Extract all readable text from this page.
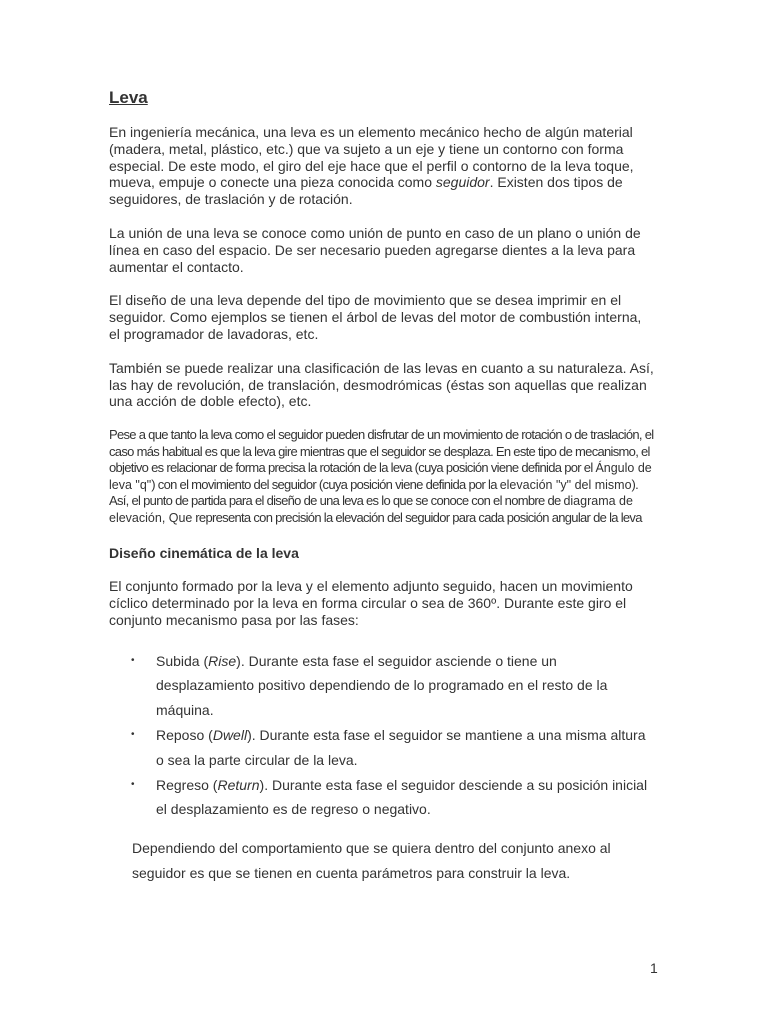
Leva

En ingeniería mecánica, una leva es un elemento mecánico hecho de algún material (madera, metal, plástico, etc.) que va sujeto a un eje y tiene un contorno con forma especial. De este modo, el giro del eje hace que el perfil o contorno de la leva toque, mueva, empuje o conecte una pieza conocida como seguidor. Existen dos tipos de seguidores, de traslación y de rotación.

La unión de una leva se conoce como unión de punto en caso de un plano o unión de línea en caso del espacio. De ser necesario pueden agregarse dientes a la leva para aumentar el contacto.

El diseño de una leva depende del tipo de movimiento que se desea imprimir en el seguidor. Como ejemplos se tienen el árbol de levas del motor de combustión interna, el programador de lavadoras, etc.

También se puede realizar una clasificación de las levas en cuanto a su naturaleza. Así, las hay de revolución, de translación, desmodrómicas (éstas son aquellas que realizan una acción de doble efecto), etc.

Pese a que tanto la leva como el seguidor pueden disfrutar de un movimiento de rotación o de traslación, el caso más habitual es que la leva gire mientras que el seguidor se desplaza. En este tipo de mecanismo, el objetivo es relacionar de forma precisa la rotación de la leva (cuya posición viene definida por el Ángulo de leva "q") con el movimiento del seguidor (cuya posición viene definida por la elevación "y" del mismo). Así, el punto de partida para el diseño de una leva es lo que se conoce con el nombre de diagrama de elevación, Que representa con precisión la elevación del seguidor para cada posición angular de la leva

Diseño cinemática de la leva

El conjunto formado por la leva y el elemento adjunto seguido, hacen un movimiento cíclico determinado por la leva en forma circular o sea de 360º. Durante este giro el conjunto mecanismo pasa por las fases:

• Subida (Rise). Durante esta fase el seguidor asciende o tiene un desplazamiento positivo dependiendo de lo programado en el resto de la máquina.
• Reposo (Dwell). Durante esta fase el seguidor se mantiene a una misma altura o sea la parte circular de la leva.
• Regreso (Return). Durante esta fase el seguidor desciende a su posición inicial el desplazamiento es de regreso o negativo.

Dependiendo del comportamiento que se quiera dentro del conjunto anexo al seguidor es que se tienen en cuenta parámetros para construir la leva.

1
